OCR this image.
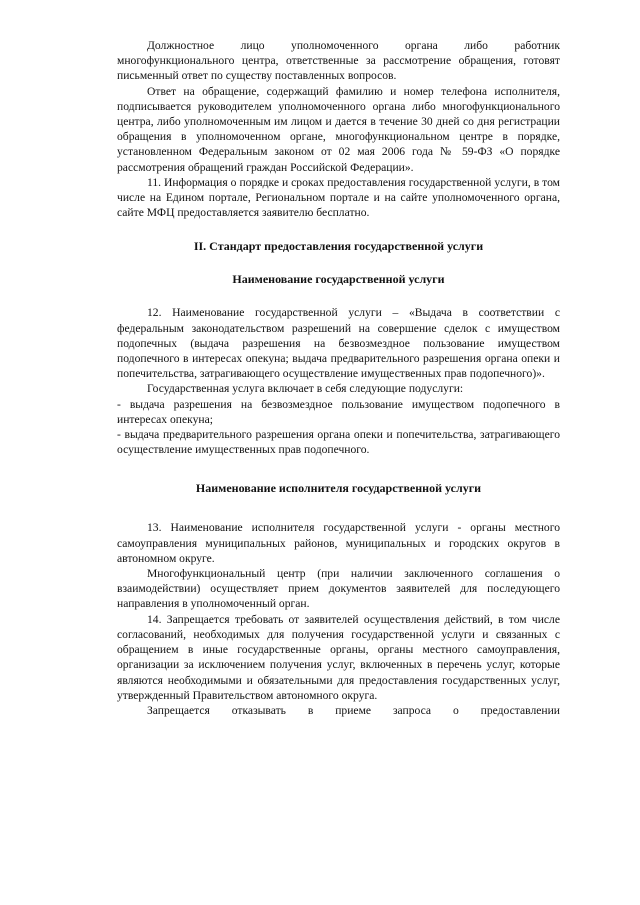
Должностное лицо уполномоченного органа либо работник многофункционального центра, ответственные за рассмотрение обращения, готовят письменный ответ по существу поставленных вопросов.

Ответ на обращение, содержащий фамилию и номер телефона исполнителя, подписывается руководителем уполномоченного органа либо многофункционального центра, либо уполномоченным им лицом и дается в течение 30 дней со дня регистрации обращения в уполномоченном органе, многофункциональном центре в порядке, установленном Федеральным законом от 02 мая 2006 года № 59-ФЗ «О порядке рассмотрения обращений граждан Российской Федерации».

11. Информация о порядке и сроках предоставления государственной услуги, в том числе на Едином портале, Региональном портале и на сайте уполномоченного органа, сайте МФЦ предоставляется заявителю бесплатно.

II. Стандарт предоставления государственной услуги

Наименование государственной услуги

12. Наименование государственной услуги – «Выдача в соответствии с федеральным законодательством разрешений на совершение сделок с имуществом подопечных (выдача разрешения на безвозмездное пользование имуществом подопечного в интересах опекуна; выдача предварительного разрешения органа опеки и попечительства, затрагивающего осуществление имущественных прав подопечного)».

Государственная услуга включает в себя следующие подуслуги:

- выдача разрешения на безвозмездное пользование имуществом подопечного в интересах опекуна;

- выдача предварительного разрешения органа опеки и попечительства, затрагивающего осуществление имущественных прав подопечного.

Наименование исполнителя государственной услуги

13. Наименование исполнителя государственной услуги - органы местного самоуправления муниципальных районов, муниципальных и городских округов в автономном округе.

Многофункциональный центр (при наличии заключенного соглашения о взаимодействии) осуществляет прием документов заявителей для последующего направления в уполномоченный орган.

14. Запрещается требовать от заявителей осуществления действий, в том числе согласований, необходимых для получения государственной услуги и связанных с обращением в иные государственные органы, органы местного самоуправления, организации за исключением получения услуг, включенных в перечень услуг, которые являются необходимыми и обязательными для предоставления государственных услуг, утвержденный Правительством автономного округа.

Запрещается отказывать в приеме запроса о предоставлении
